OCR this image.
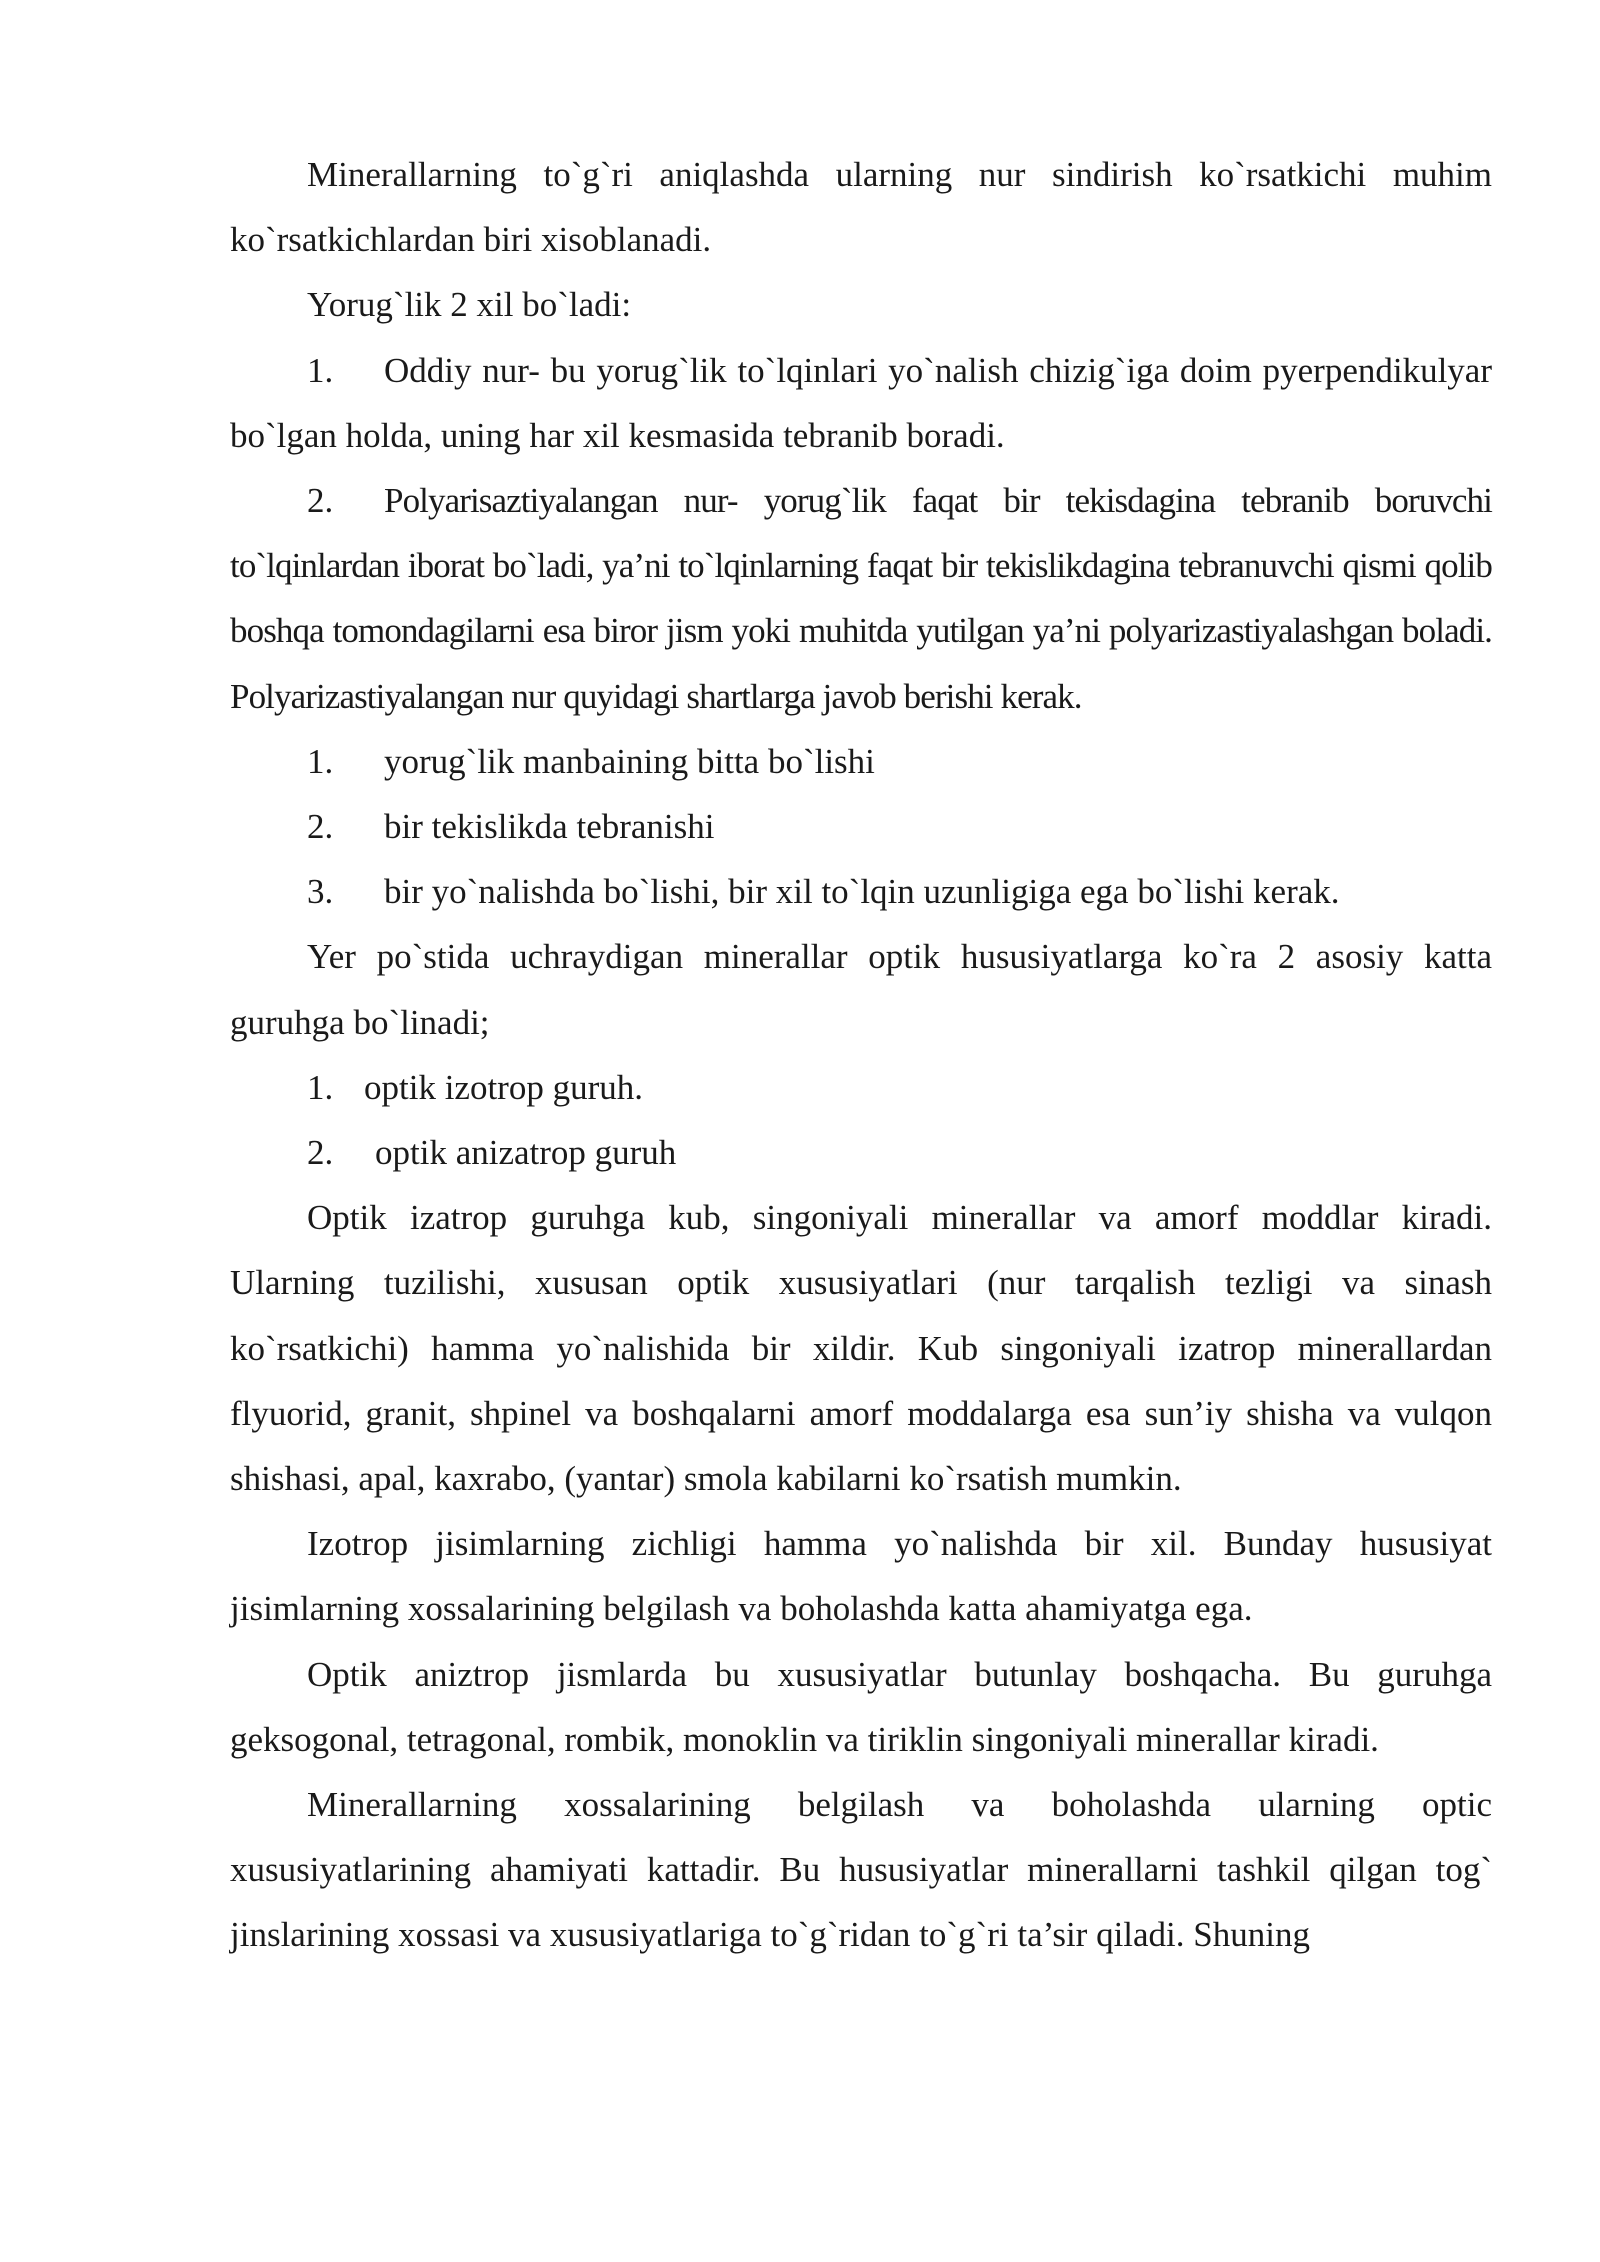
Minerallarning to`g`ri aniqlashda ularning nur sindirish ko`rsatkichi muhim ko`rsatkichlardan biri xisoblanadi.

Yorug`lik 2 xil bo`ladi:

1.	Oddiy nur- bu yorug`lik to`lqinlari yo`nalish chizig`iga doim pyerpendikulyar bo`lgan holda, uning har xil kesmasida tebranib boradi.
2.	Polyarisaztiyalangan nur- yorug`lik faqat bir tekisdagina tebranib boruvchi to`lqinlardan iborat bo`ladi, ya’ni to`lqinlarning faqat bir tekislikdagina tebranuvchi qismi qolib boshqa tomondagilarni esa biror jism yoki muhitda yutilgan ya’ni polyarizastiyalashgan boladi. Polyarizastiyalangan nur quyidagi shartlarga javob berishi kerak.
1.	yorug`lik manbaining bitta bo`lishi
2.	bir tekislikda tebranishi
3.	bir yo`nalishda bo`lishi, bir xil to`lqin uzunligiga ega bo`lishi kerak.

Yer po`stida uchraydigan minerallar optik hususiyatlarga ko`ra 2 asosiy katta guruhga bo`linadi;

1. optik izotrop guruh.
2.	optik anizatrop guruh

Optik izatrop guruhga kub, singoniyali minerallar va amorf moddlar kiradi. Ularning tuzilishi, xususan optik xususiyatlari (nur tarqalish tezligi va sinash ko`rsatkichi) hamma yo`nalishida bir xildir. Kub singoniyali izatrop minerallardan flyuorid, granit, shpinel va boshqalarni amorf moddalarga esa sun’iy shisha va vulqon shishasi, apal, kaxrabo, (yantar) smola kabilarni ko`rsatish mumkin.

Izotrop jisimlarning zichligi hamma yo`nalishda bir xil. Bunday hususiyat jisimlarning xossalarining belgilash va boholashda katta ahamiyatga ega.

Optik aniztrop jismlarda bu xususiyatlar butunlay boshqacha. Bu guruhga geksogonal, tetragonal, rombik, monoklin va tiriklin singoniyali minerallar kiradi.

Minerallarning xossalarining belgilash va boholashda ularning optic xususiyatlarining ahamiyati kattadir. Bu hususiyatlar minerallarni tashkil qilgan tog` jinslarining xossasi va xususiyatlariga to`g`ridan to`g`ri ta’sir qiladi. Shuning
